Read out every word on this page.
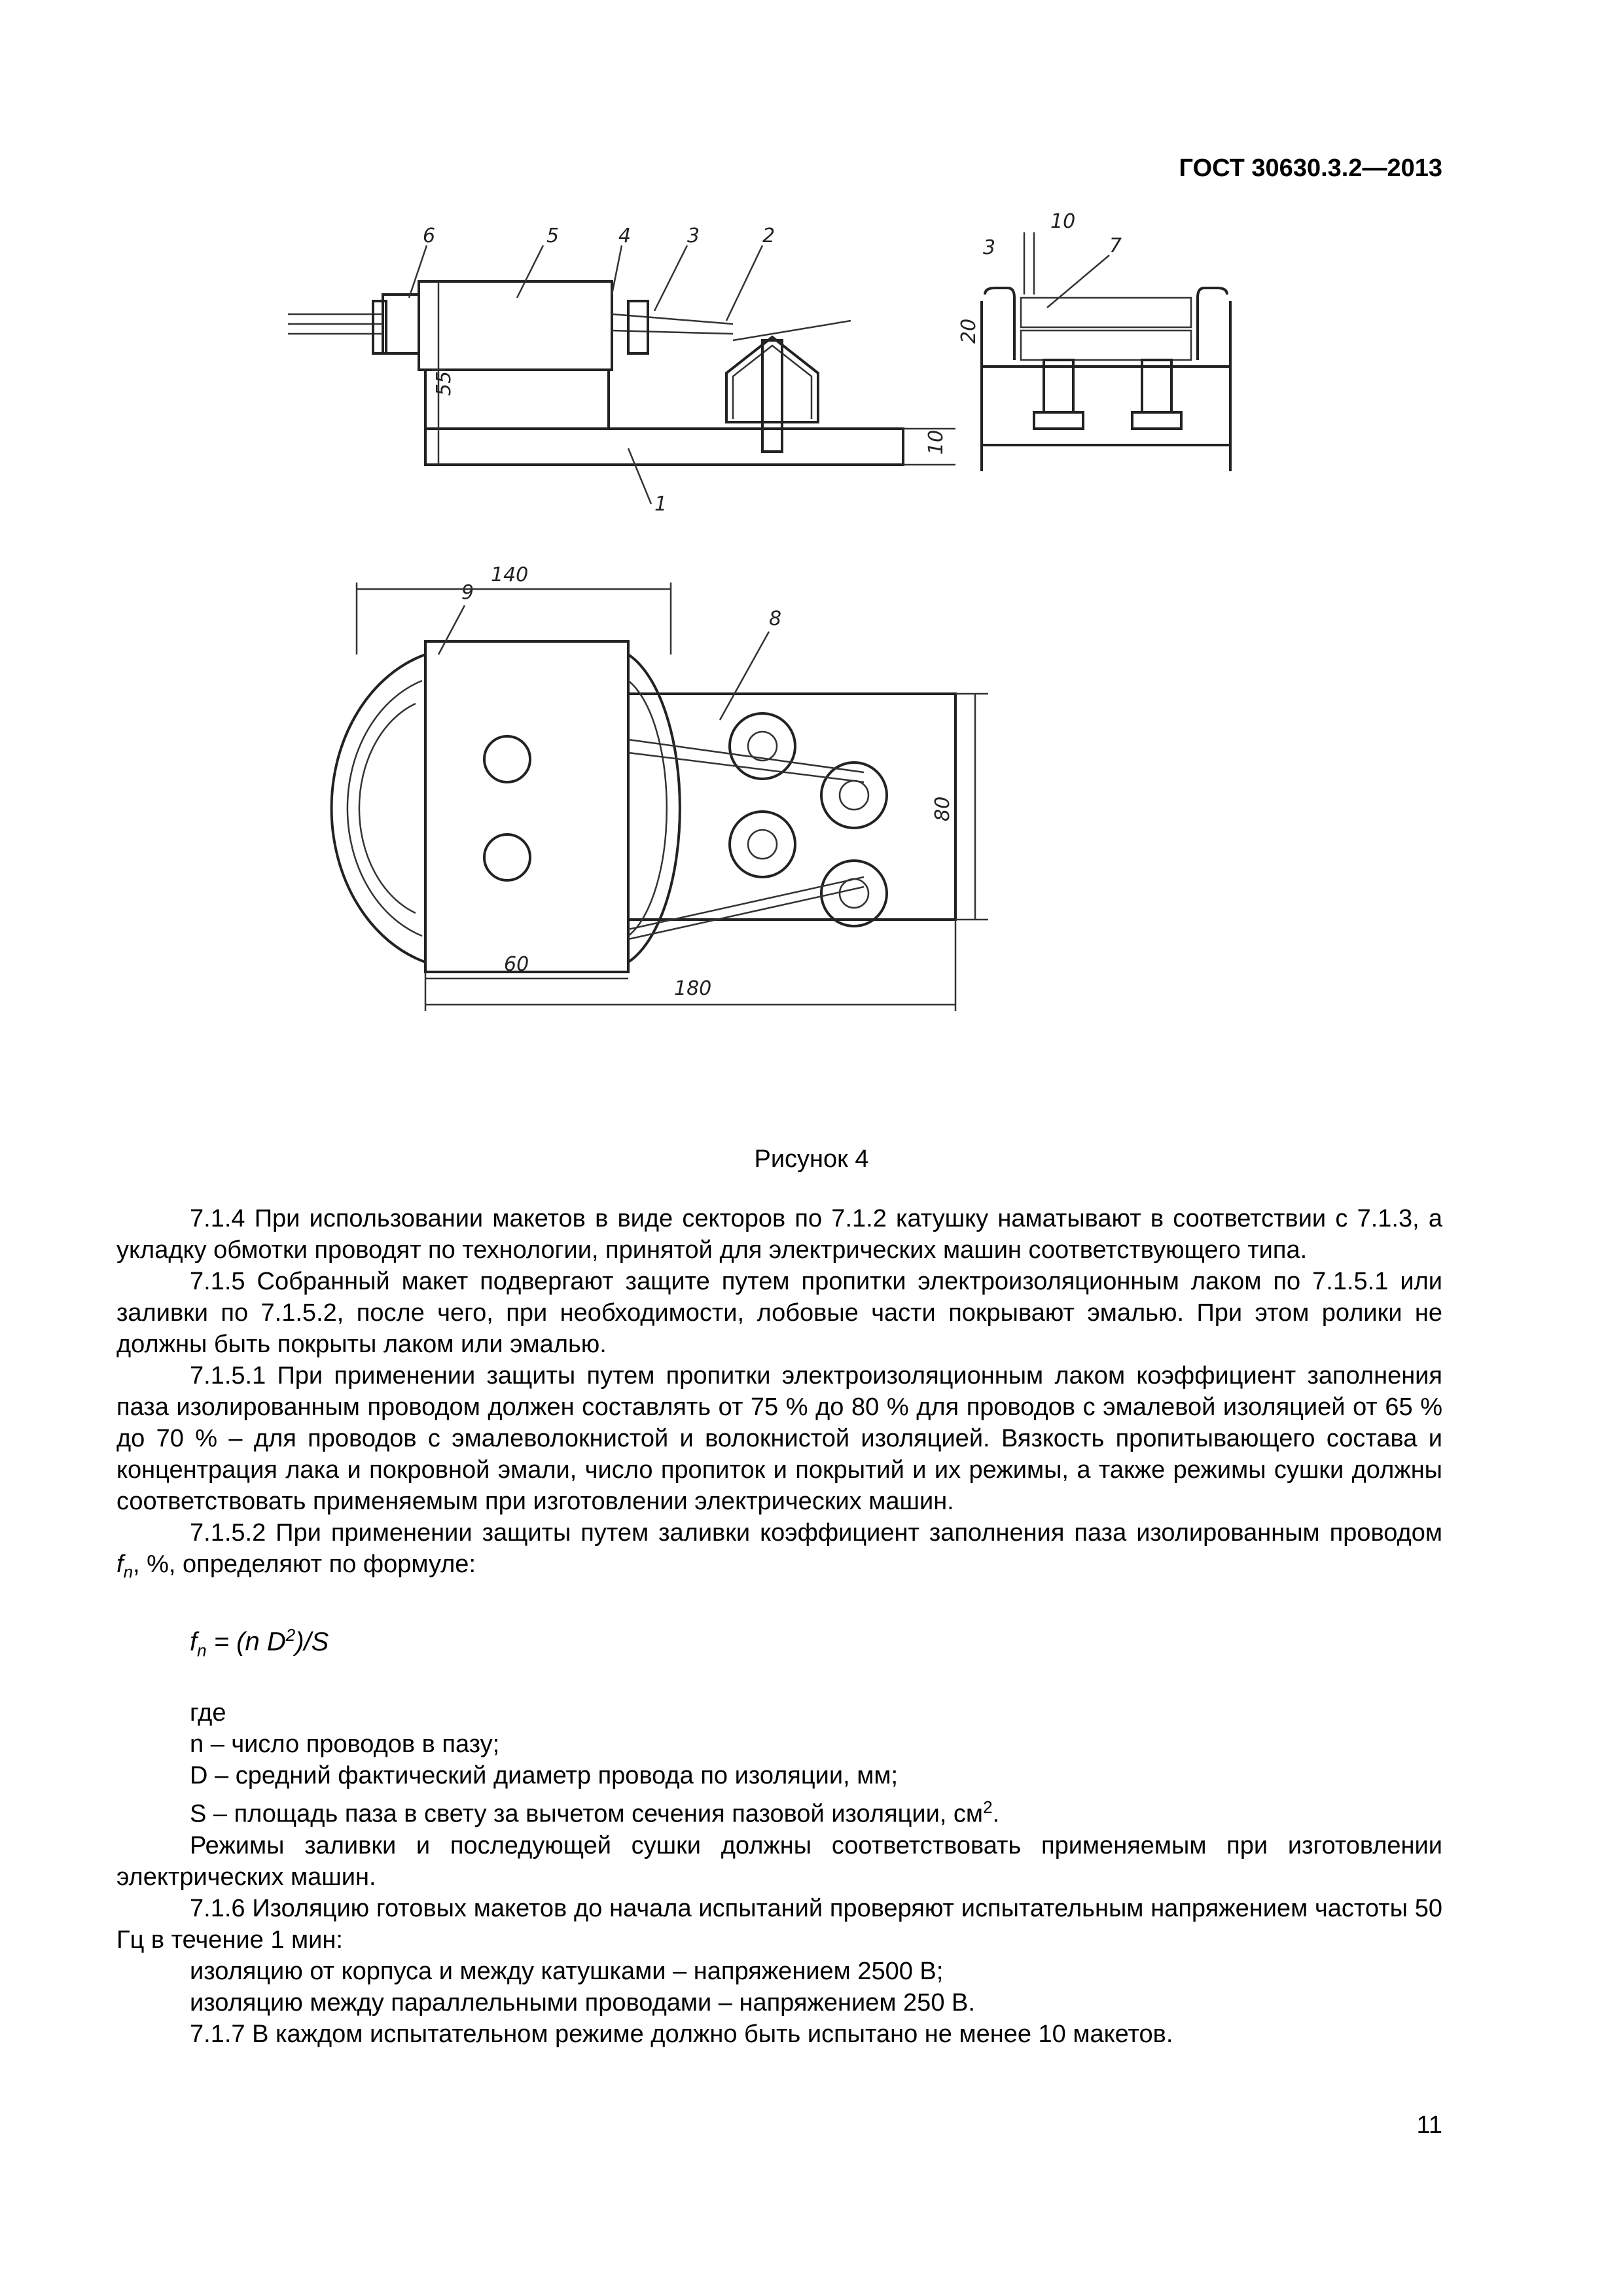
ГОСТ 30630.3.2—2013
6	5	4	3	2
1
55
10
10
3	7
20
9
8
140
80
60
180
Рисунок 4

7.1.4 При использовании макетов в виде секторов по 7.1.2 катушку наматывают в соответствии с 7.1.3, а укладку обмотки проводят по технологии, принятой для электрических машин соответствующего типа.

7.1.5 Собранный макет подвергают защите путем пропитки электроизоляционным лаком по 7.1.5.1 или заливки по 7.1.5.2, после чего, при необходимости, лобовые части покрывают эмалью. При этом ролики не должны быть покрыты лаком или эмалью.

7.1.5.1 При применении защиты путем пропитки электроизоляционным лаком коэффициент заполнения паза изолированным проводом должен составлять от 75 % до 80 % для проводов с эмалевой изоляцией от 65 % до 70 % – для проводов с эмалеволокнистой и волокнистой изоляцией. Вязкость пропитывающего состава и концентрация лака и покровной эмали, число пропиток и покрытий и их режимы, а также режимы сушки должны соответствовать применяемым при изготовлении электрических машин.

7.1.5.2 При применении защиты путем заливки коэффициент заполнения паза изолированным проводом $f_n$, %, определяют по формуле:

$f_n = (n$ $D^2)/S$

где

n – число проводов в пазу;

D – средний фактический диаметр провода по изоляции, мм;

S – площадь паза в свету за вычетом сечения пазовой изоляции, $см^2$.

Режимы заливки и последующей сушки должны соответствовать применяемым при изготовлении электрических машин.

7.1.6 Изоляцию готовых макетов до начала испытаний проверяют испытательным напряжением частоты 50 Гц в течение 1 мин:

изоляцию от корпуса и между катушками – напряжением 2500 В;

изоляцию между параллельными проводами – напряжением 250 В.

7.1.7 В каждом испытательном режиме должно быть испытано не менее 10 макетов.

11
